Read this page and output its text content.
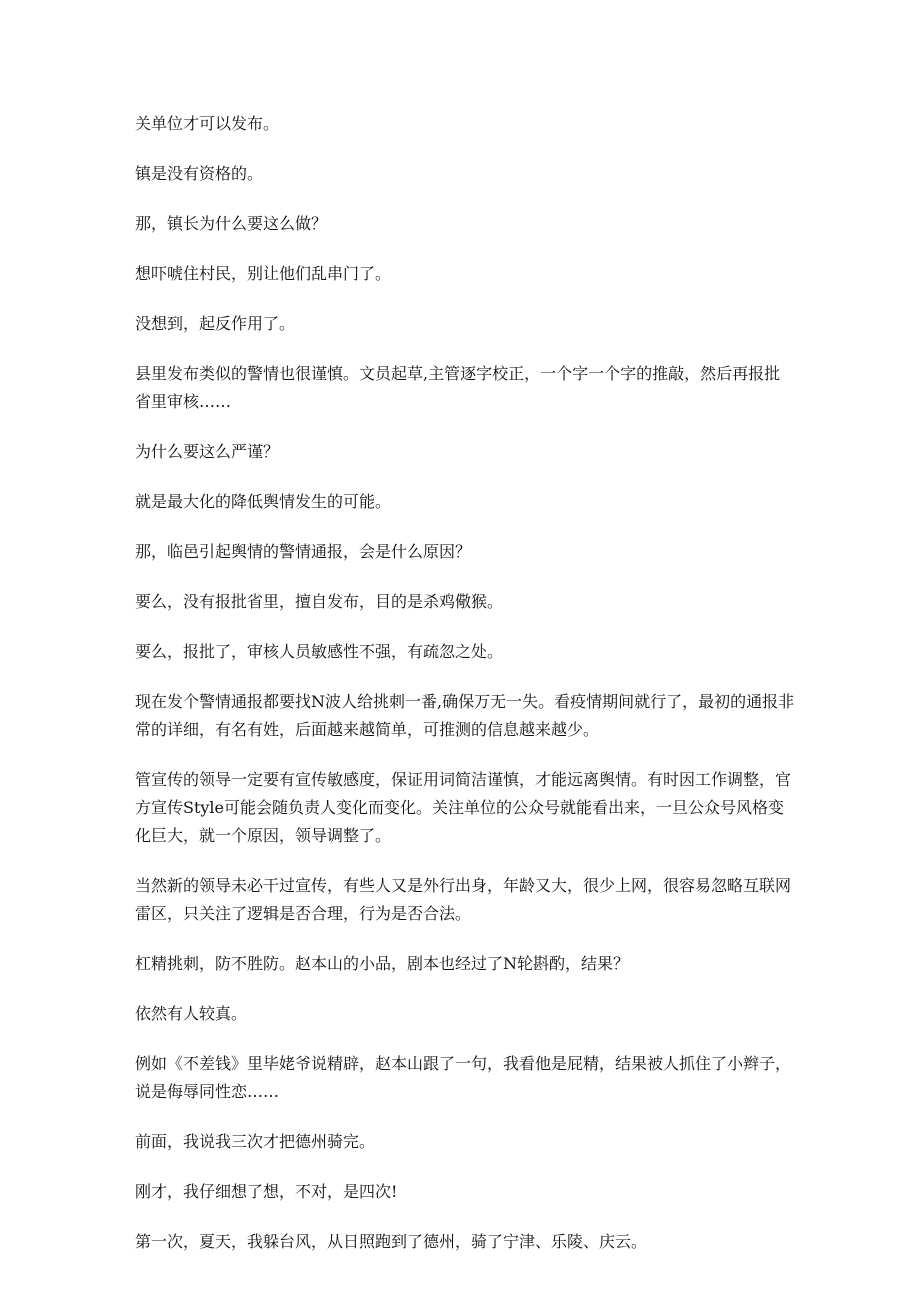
关单位才可以发布。

镇是没有资格的。

那，镇长为什么要这么做？

想吓唬住村民，别让他们乱串门了。

没想到，起反作用了。

县里发布类似的警情也很谨慎。文员起草,主管逐字校正，一个字一个字的推敲，然后再报批省里审核……

为什么要这么严谨？

就是最大化的降低舆情发生的可能。

那，临邑引起舆情的警情通报，会是什么原因？

要么，没有报批省里，擅自发布，目的是杀鸡儆猴。

要么，报批了，审核人员敏感性不强，有疏忽之处。

现在发个警情通报都要找N波人给挑刺一番,确保万无一失。看疫情期间就行了，最初的通报非常的详细，有名有姓，后面越来越简单，可推测的信息越来越少。

管宣传的领导一定要有宣传敏感度，保证用词简洁谨慎，才能远离舆情。有时因工作调整，官方宣传Style可能会随负责人变化而变化。关注单位的公众号就能看出来，一旦公众号风格变化巨大，就一个原因，领导调整了。

当然新的领导未必干过宣传，有些人又是外行出身，年龄又大，很少上网，很容易忽略互联网雷区，只关注了逻辑是否合理，行为是否合法。

杠精挑刺，防不胜防。赵本山的小品，剧本也经过了N轮斟酌，结果？

依然有人较真。

例如《不差钱》里毕姥爷说精辟，赵本山跟了一句，我看他是屁精，结果被人抓住了小辫子，说是侮辱同性恋……

前面，我说我三次才把德州骑完。

刚才，我仔细想了想，不对，是四次!

第一次，夏天，我躲台风，从日照跑到了德州，骑了宁津、乐陵、庆云。
